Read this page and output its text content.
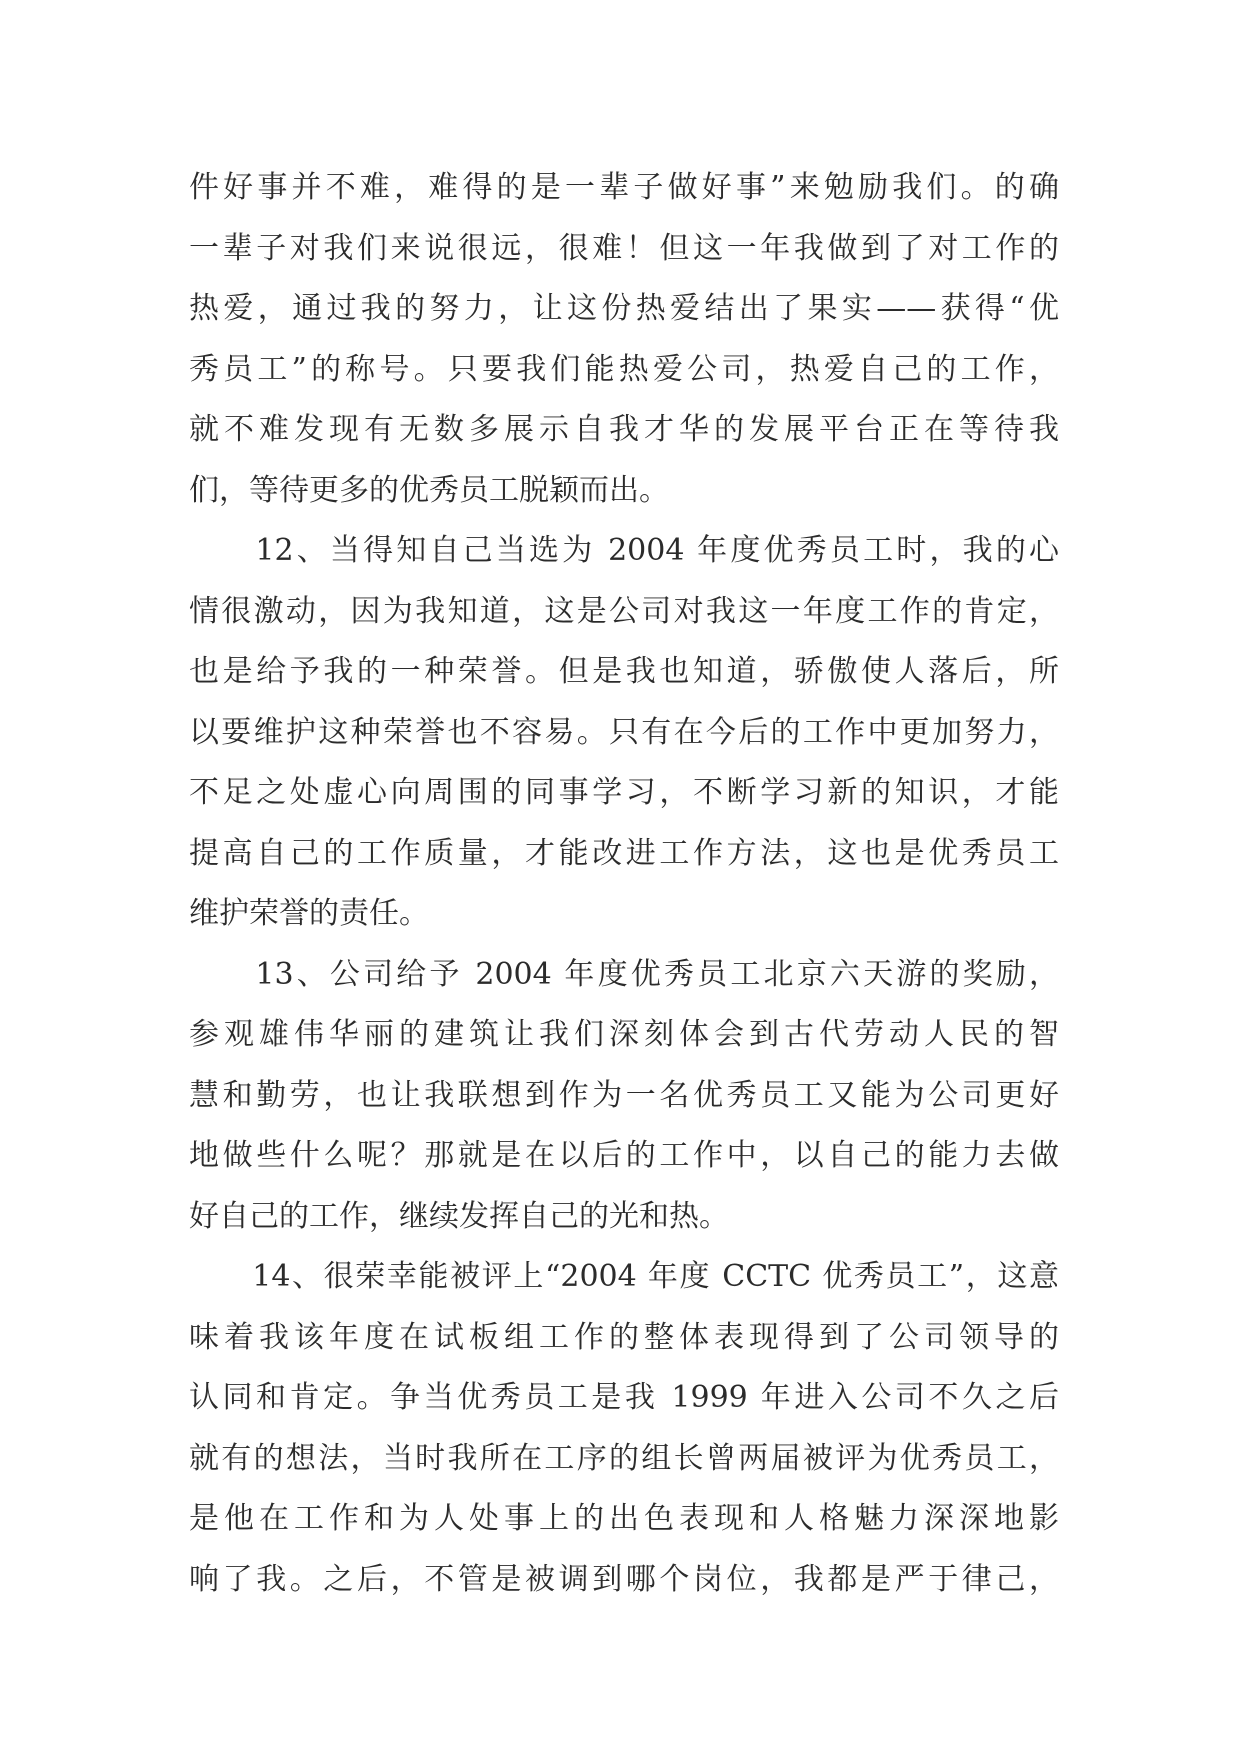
件好事并不难，难得的是一辈子做好事”来勉励我们。的确
一辈子对我们来说很远，很难！但这一年我做到了对工作的
热爱，通过我的努力，让这份热爱结出了果实——获得“优
秀员工”的称号。只要我们能热爱公司，热爱自己的工作，
就不难发现有无数多展示自我才华的发展平台正在等待我
们，等待更多的优秀员工脱颖而出。
　　12、当得知自己当选为 2004 年度优秀员工时，我的心
情很激动，因为我知道，这是公司对我这一年度工作的肯定，
也是给予我的一种荣誉。但是我也知道，骄傲使人落后，所
以要维护这种荣誉也不容易。只有在今后的工作中更加努力，
不足之处虚心向周围的同事学习，不断学习新的知识，才能
提高自己的工作质量，才能改进工作方法，这也是优秀员工
维护荣誉的责任。
　　13、公司给予 2004 年度优秀员工北京六天游的奖励，
参观雄伟华丽的建筑让我们深刻体会到古代劳动人民的智
慧和勤劳，也让我联想到作为一名优秀员工又能为公司更好
地做些什么呢？那就是在以后的工作中，以自己的能力去做
好自己的工作，继续发挥自己的光和热。
　　14、很荣幸能被评上“2004 年度 CCTC 优秀员工”，这意
味着我该年度在试板组工作的整体表现得到了公司领导的
认同和肯定。争当优秀员工是我 1999 年进入公司不久之后
就有的想法，当时我所在工序的组长曾两届被评为优秀员工，
是他在工作和为人处事上的出色表现和人格魅力深深地影
响了我。之后，不管是被调到哪个岗位，我都是严于律己，
